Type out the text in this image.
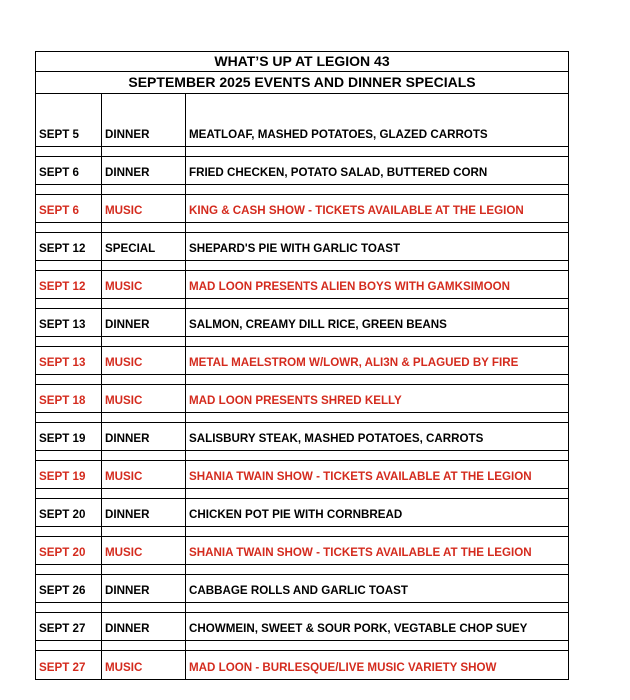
WHAT’S UP AT LEGION 43
SEPTEMBER 2025 EVENTS AND DINNER SPECIALS
SEPT 5	DINNER	MEATLOAF, MASHED POTATOES, GLAZED CARROTS
SEPT 6	DINNER	FRIED CHECKEN, POTATO SALAD, BUTTERED CORN
SEPT 6	MUSIC	KING & CASH SHOW - TICKETS AVAILABLE AT THE LEGION
SEPT 12	SPECIAL	SHEPARD'S PIE WITH GARLIC TOAST
SEPT 12	MUSIC	MAD LOON PRESENTS ALIEN BOYS WITH GAMKSIMOON
SEPT 13	DINNER	SALMON, CREAMY DILL RICE, GREEN BEANS
SEPT 13	MUSIC	METAL MAELSTROM W/LOWR, ALI3N & PLAGUED BY FIRE
SEPT 18	MUSIC	MAD LOON PRESENTS SHRED KELLY
SEPT 19	DINNER	SALISBURY STEAK, MASHED POTATOES, CARROTS
SEPT 19	MUSIC	SHANIA TWAIN SHOW - TICKETS AVAILABLE AT THE LEGION
SEPT 20	DINNER	CHICKEN POT PIE WITH CORNBREAD
SEPT 20	MUSIC	SHANIA TWAIN SHOW - TICKETS AVAILABLE AT THE LEGION
SEPT 26	DINNER	CABBAGE ROLLS AND GARLIC TOAST
SEPT 27	DINNER	CHOWMEIN, SWEET & SOUR PORK, VEGTABLE CHOP SUEY
SEPT 27	MUSIC	MAD LOON - BURLESQUE/LIVE MUSIC VARIETY SHOW
